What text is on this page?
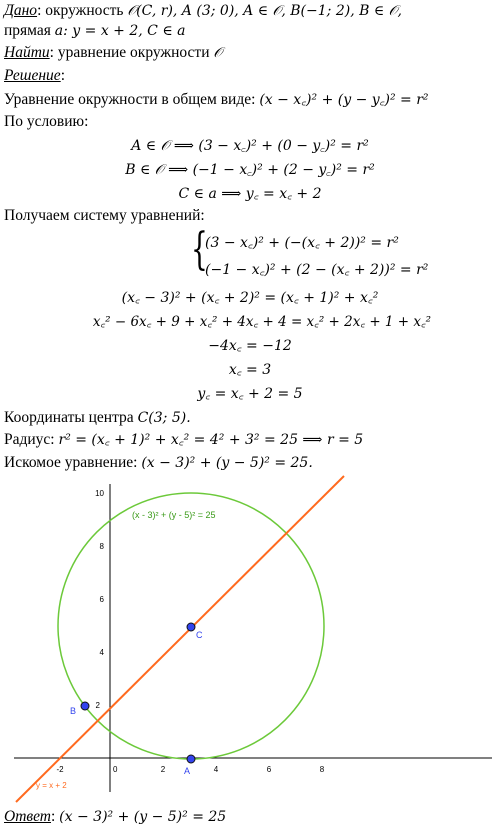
Дано: окружность 𝒪(C, r), A (3; 0), A ∈ 𝒪, B(−1; 2), B ∈ 𝒪,
прямая a: y = x + 2, C ∈ a
Найти: уравнение окружности 𝒪
Решение:
Уравнение окружности в общем виде: (x − x꜀)² + (y − y꜀)² = r²
По условию:
A ∈ 𝒪 ⟹ (3 − x꜀)² + (0 − y꜀)² = r²
B ∈ 𝒪 ⟹ (−1 − x꜀)² + (2 − y꜀)² = r²
C ∈ a ⟹ y꜀ = x꜀ + 2
Получаем систему уравнений:
{
(3 − x꜀)² + (−(x꜀ + 2))² = r²
(−1 − x꜀)² + (2 − (x꜀ + 2))² = r²
(x꜀ − 3)² + (x꜀ + 2)² = (x꜀ + 1)² + x꜀²
x꜀² − 6x꜀ + 9 + x꜀² + 4x꜀ + 4 = x꜀² + 2x꜀ + 1 + x꜀²
−4x꜀ = −12
x꜀ = 3
y꜀ = x꜀ + 2 = 5
Координаты центра C(3; 5).
Радиус: r² = (x꜀ + 1)² + x꜀² = 4² + 3² = 25 ⟹ r = 5
Искомое уравнение: (x − 3)² + (y − 5)² = 25.
-2	2	4	6	8
0
2
4
6
8
10
(x - 3)² + (y - 5)² = 25
y = x + 2
A
B
C
Ответ: (x − 3)² + (y − 5)² = 25
